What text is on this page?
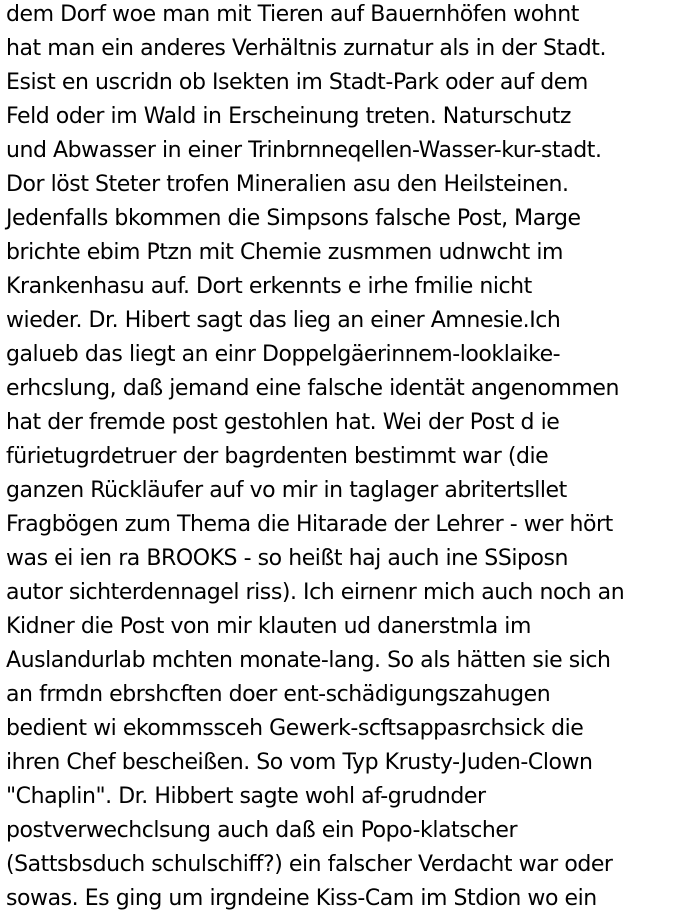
dem Dorf woe man mit Tieren auf Bauernhöfen wohnt
hat man ein anderes Verhältnis zurnatur als in der Stadt.
Esist en uscridn ob Isekten im Stadt-Park oder auf dem
Feld oder im Wald in Erscheinung treten. Naturschutz
und Abwasser in einer Trinbrnneqellen-Wasser-kur-stadt.
Dor löst Steter trofen Mineralien asu den Heilsteinen.
Jedenfalls bkommen die Simpsons falsche Post, Marge
brichte ebim Ptzn mit Chemie zusmmen udnwcht im
Krankenhasu auf. Dort erkennts e irhe fmilie nicht
wieder. Dr. Hibert sagt das lieg an einer Amnesie.Ich
galueb das liegt an einr Doppelgäerinnem-looklaike-
erhcslung, daß jemand eine falsche identät angenommen
hat der fremde post gestohlen hat. Wei der Post d ie
fürietugrdetruer der bagrdenten bestimmt war (die
ganzen Rückläufer auf vo mir in taglager abritertsllet
Fragbögen zum Thema die Hitarade der Lehrer - wer hört
was ei ien ra BROOKS - so heißt haj auch ine SSiposn
autor sichterdennagel riss). Ich eirnenr mich auch noch an
Kidner die Post von mir klauten ud danerstmla im
Auslandurlab mchten monate-lang. So als hätten sie sich
an frmdn ebrshcften doer ent-schädigungszahugen
bedient wi ekommssceh Gewerk-scftsappasrchsick die
ihren Chef bescheißen. So vom Typ Krusty-Juden-Clown
"Chaplin". Dr. Hibbert sagte wohl af-grudnder
postverwechclsung auch daß ein Popo-klatscher
(Sattsbsduch schulschiff?) ein falscher Verdacht war oder
sowas. Es ging um irgndeine Kiss-Cam im Stdion wo ein
